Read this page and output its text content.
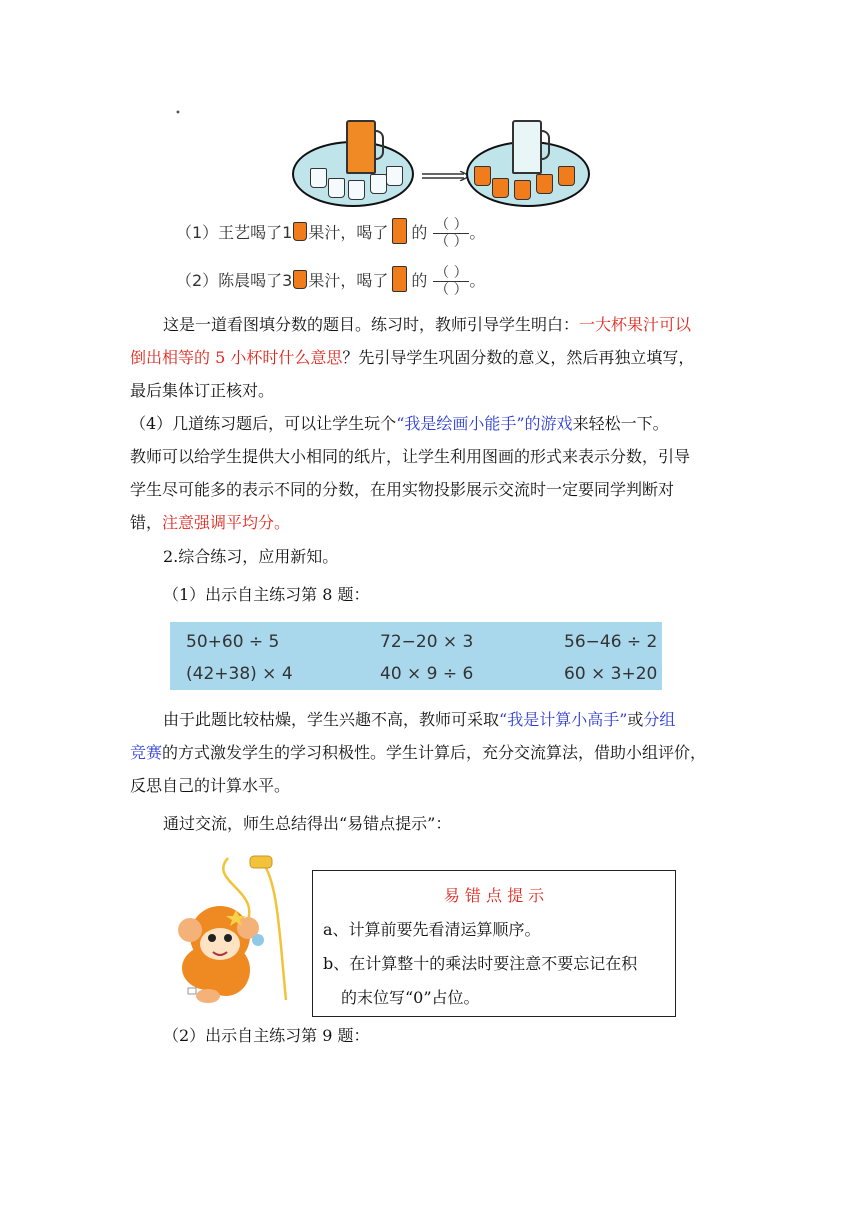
•
（1）王艺喝了1 果汁，喝了 的 $\frac{( )}{( )}$。
（2）陈晨喝了3 果汁，喝了 的 $\frac{( )}{( )}$。
这是一道看图填分数的题目。练习时，教师引导学生明白：一大杯果汁可以
倒出相等的 5 小杯时什么意思？先引导学生巩固分数的意义，然后再独立填写，
最后集体订正核对。
（4）几道练习题后，可以让学生玩个“我是绘画小能手”的游戏来轻松一下。
教师可以给学生提供大小相同的纸片，让学生利用图画的形式来表示分数，引导
学生尽可能多的表示不同的分数，在用实物投影展示交流时一定要同学判断对
错，注意强调平均分。
2.综合练习，应用新知。
（1）出示自主练习第 8 题：
50+60 ÷ 5	72−20 × 3	56−46 ÷ 2
(42+38) × 4	40 × 9 ÷ 6	60 × 3+20
由于此题比较枯燥，学生兴趣不高，教师可采取“我是计算小高手”或分组
竞赛的方式激发学生的学习积极性。学生计算后，充分交流算法，借助小组评价，
反思自己的计算水平。
通过交流，师生总结得出“易错点提示”：
易 错 点 提 示
a、计算前要先看清运算顺序。
b、在计算整十的乘法时要注意不要忘记在积
的末位写“0”占位。
（2）出示自主练习第 9 题：
